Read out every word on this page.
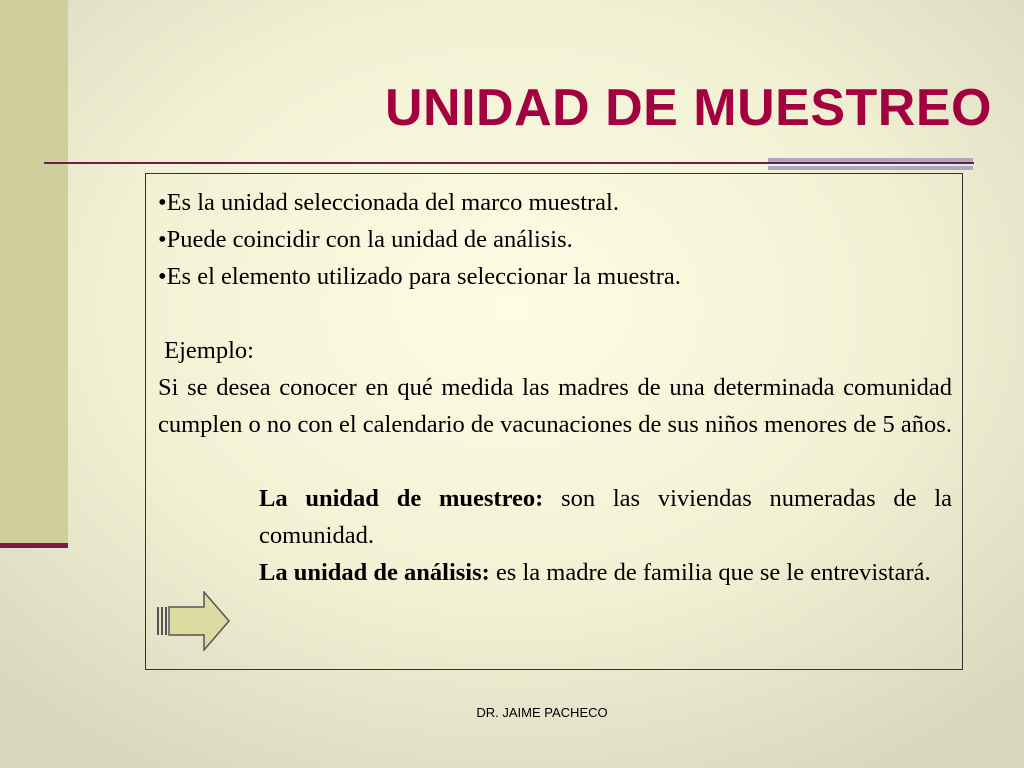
UNIDAD DE MUESTREO

•Es la unidad seleccionada del marco muestral.

•Puede coincidir con la unidad de análisis.

•Es el elemento utilizado para seleccionar la muestra.

Ejemplo:

Si se desea conocer en qué medida las madres de una determinada comunidad cumplen o no con el calendario de vacunaciones de sus niños menores de 5 años.

La unidad de muestreo: son las viviendas numeradas de la comunidad.

La unidad de análisis: es la madre de familia que se le entrevistará.

DR. JAIME PACHECO
